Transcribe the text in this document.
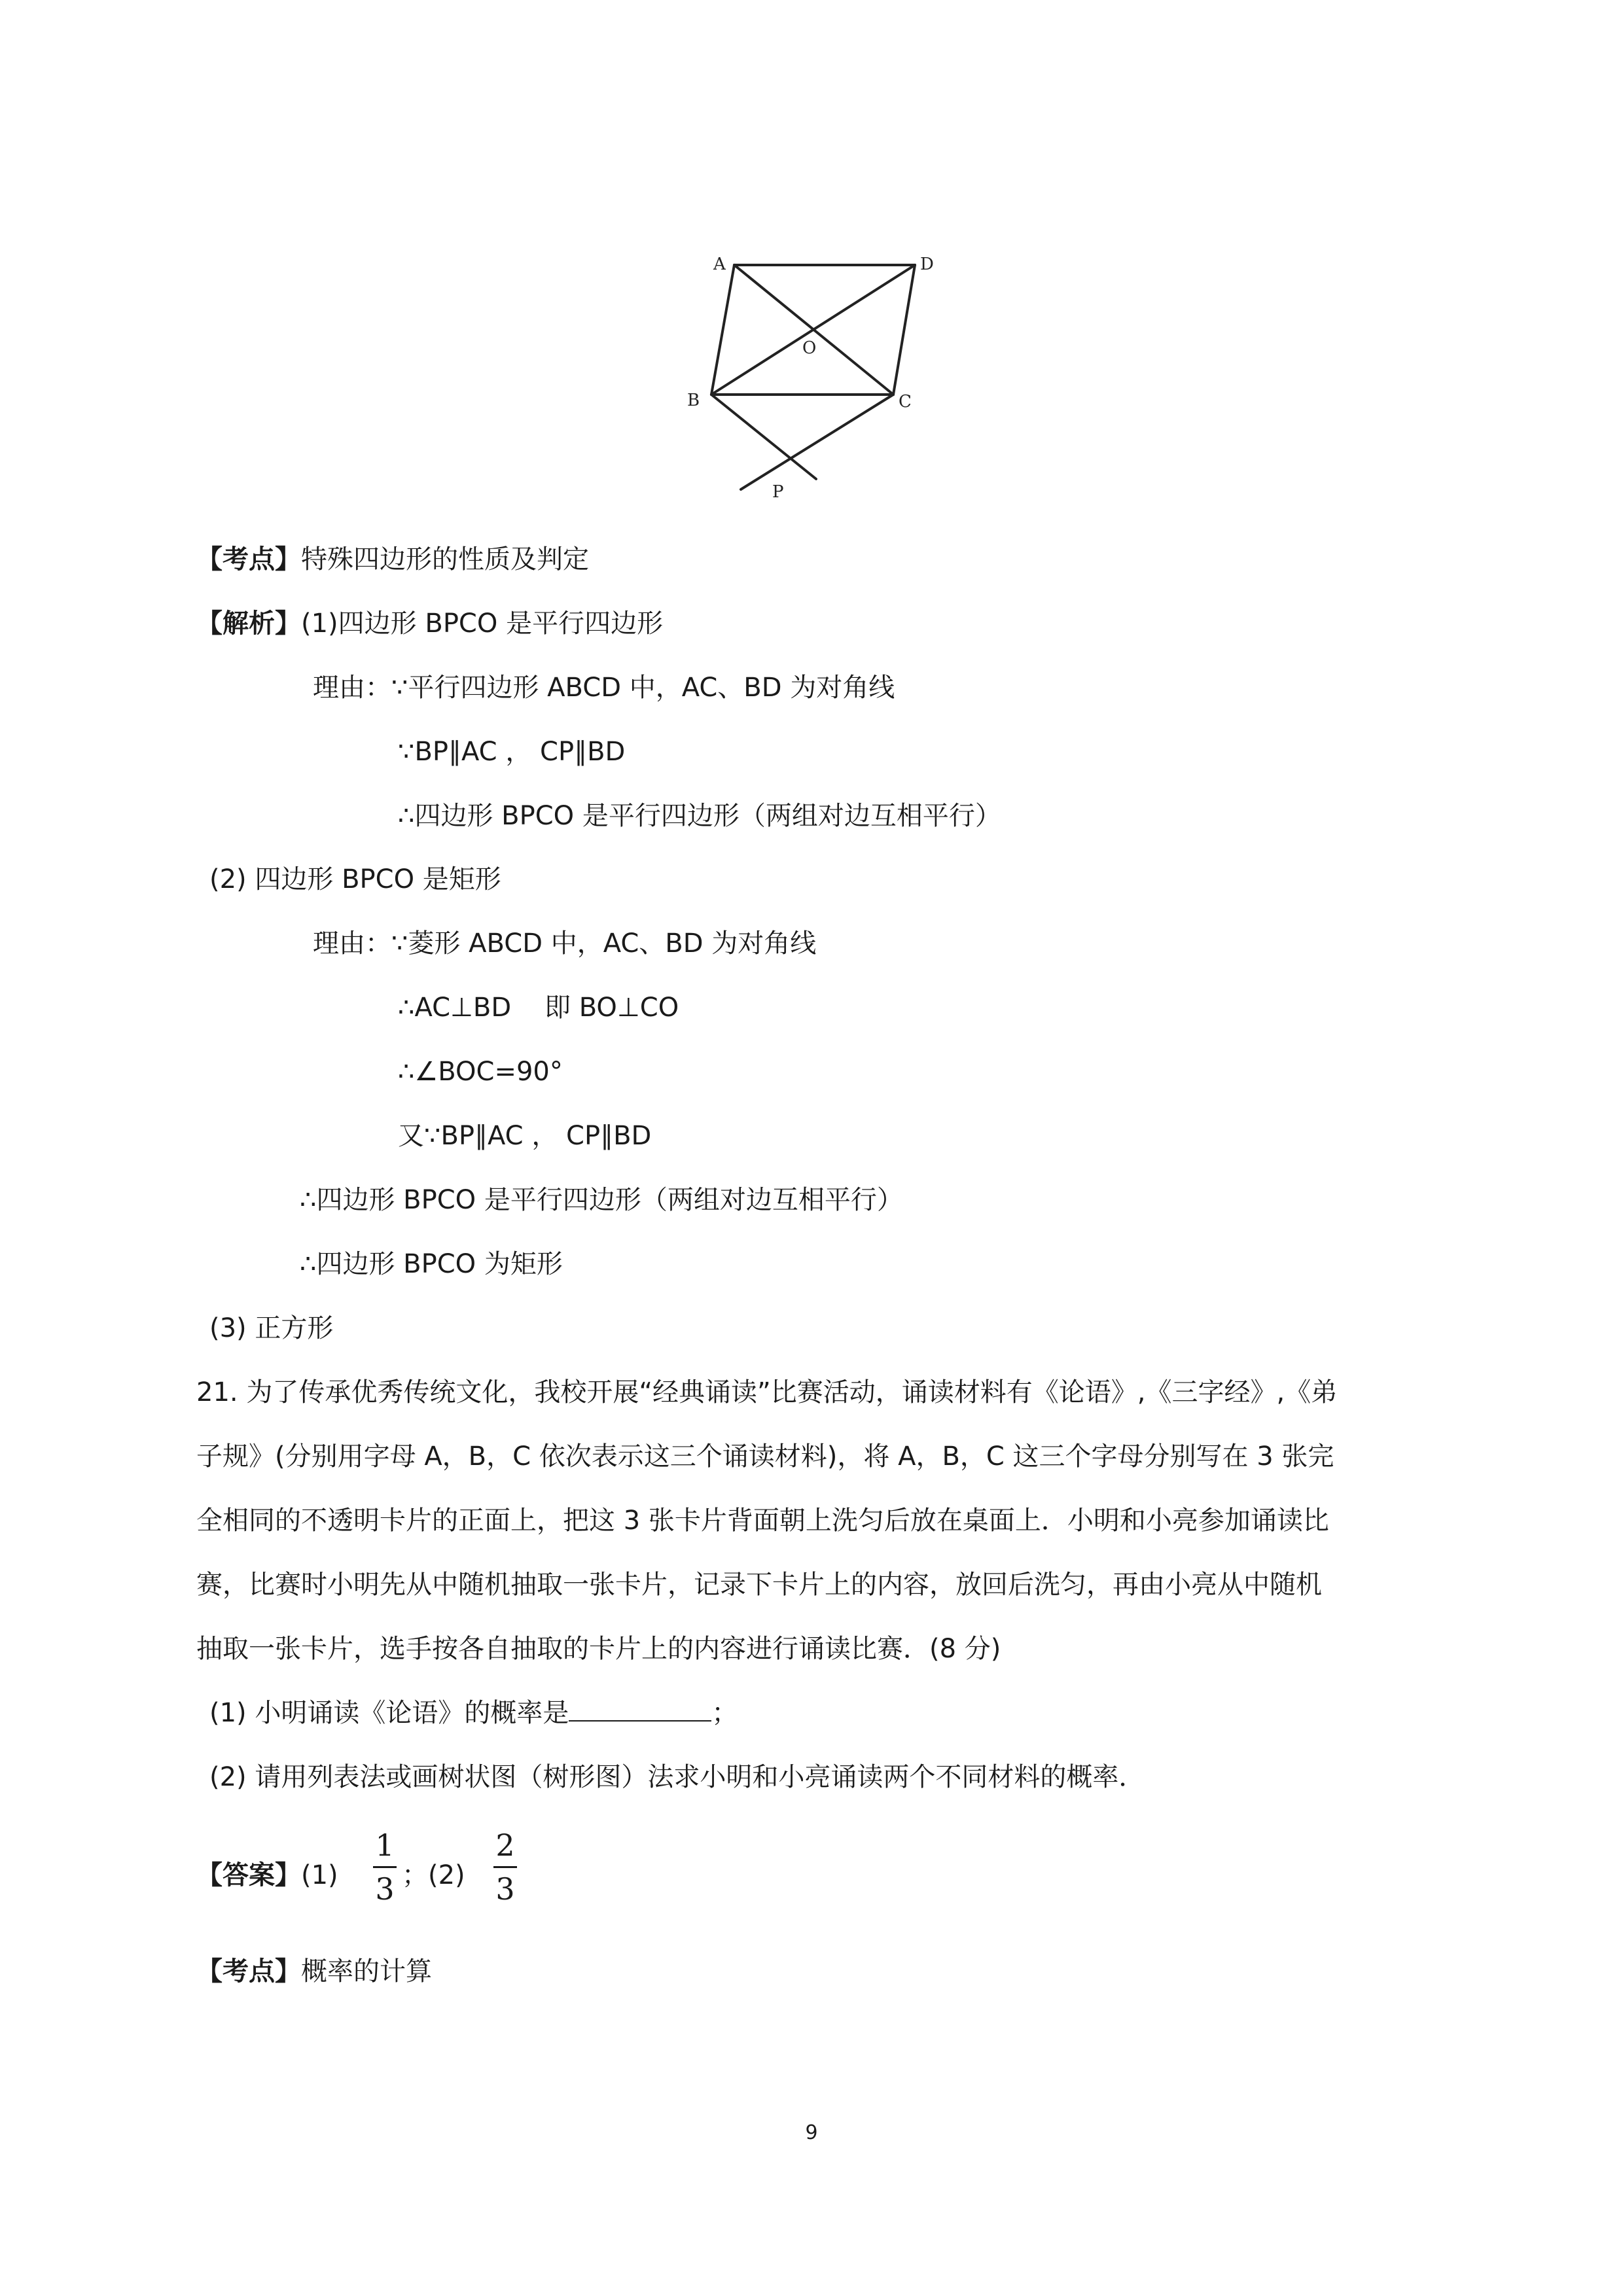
A	D
O
B	C
P
【考点】特殊四边形的性质及判定
【解析】(1)四边形 BPCO 是平行四边形
理由：∵平行四边形 ABCD 中，AC、BD 为对角线
∵BP∥AC ， CP∥BD
∴四边形 BPCO 是平行四边形（两组对边互相平行）
(2) 四边形 BPCO 是矩形
理由：∵菱形 ABCD 中，AC、BD 为对角线
∴AC⊥BD    即 BO⊥CO
∴∠BOC=90°
又∵BP∥AC ， CP∥BD
∴四边形 BPCO 是平行四边形（两组对边互相平行）
∴四边形 BPCO 为矩形
(3) 正方形
21. 为了传承优秀传统文化，我校开展“经典诵读”比赛活动，诵读材料有《论语》,《三字经》,《弟
子规》(分别用字母 A，B，C 依次表示这三个诵读材料)，将 A，B，C 这三个字母分别写在 3 张完
全相同的不透明卡片的正面上，把这 3 张卡片背面朝上洗匀后放在桌面上．小明和小亮参加诵读比
赛，比赛时小明先从中随机抽取一张卡片，记录下卡片上的内容，放回后洗匀，再由小亮从中随机
抽取一张卡片，选手按各自抽取的卡片上的内容进行诵读比赛．(8 分)
(1) 小明诵读《论语》的概率是	；
(2) 请用列表法或画树状图（树形图）法求小明和小亮诵读两个不同材料的概率．
【答案】(1)
1
3 ；(2)
2
3
【考点】概率的计算
9
